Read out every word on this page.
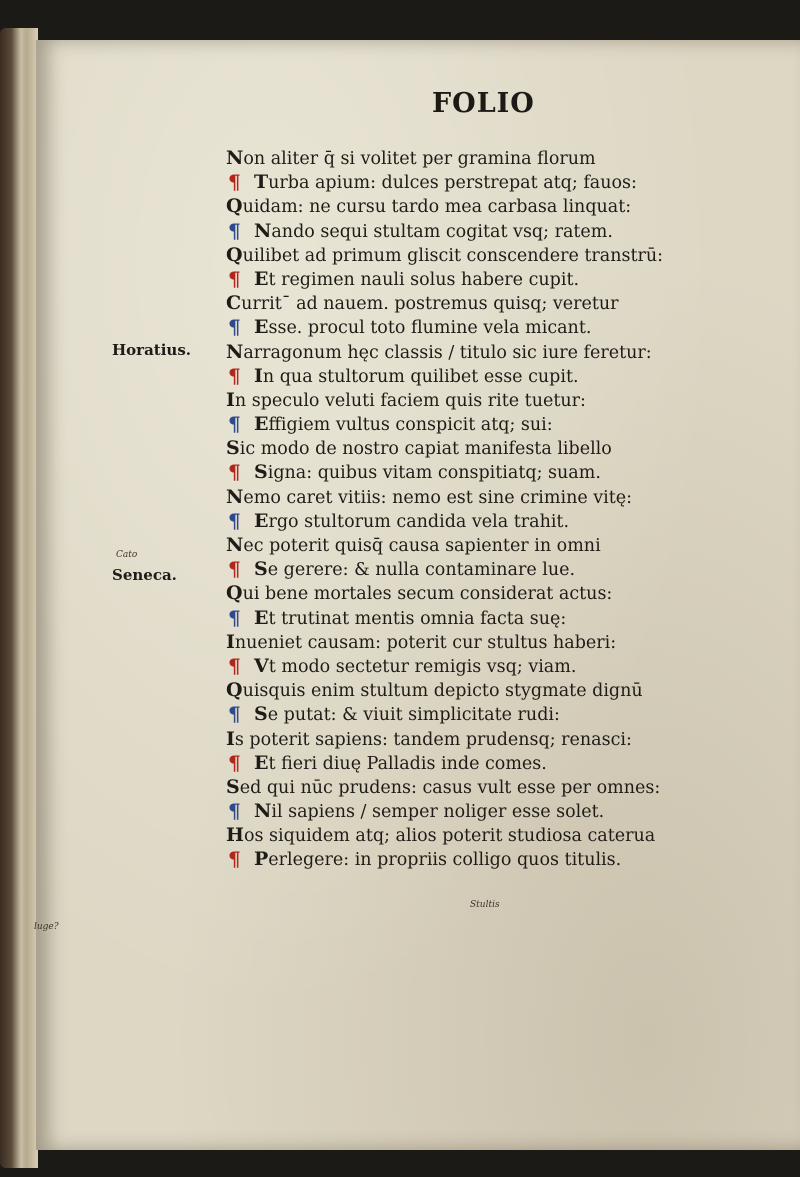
FOLIO
Horatius.
Seneca.
Cato
luge?
Stultis
Non aliter q̄ si volitet per gramina florum
¶ Turba apium: dulces perstrepat atq; fauos:
Quidam: ne cursu tardo mea carbasa linquat:
¶ Nando sequi stultam cogitat vsq; ratem.
Quilibet ad primum gliscit conscendere transtrū:
¶ Et regimen nauli solus habere cupit.
Curritˉ ad nauem. postremus quisq; veretur
¶ Esse. procul toto flumine vela micant.
Narragonum hęc classis / titulo sic iure feretur:
¶ In qua stultorum quilibet esse cupit.
In speculo veluti faciem quis rite tuetur:
¶ Effigiem vultus conspicit atq; sui:
Sic modo de nostro capiat manifesta libello
¶ Signa: quibus vitam conspitiatq; suam.
Nemo caret vitiis: nemo est sine crimine vitę:
¶ Ergo stultorum candida vela trahit.
Nec poterit quisq̄ causa sapienter in omni
¶ Se gerere: & nulla contaminare lue.
Qui bene mortales secum considerat actus:
¶ Et trutinat mentis omnia facta suę:
Inueniet causam: poterit cur stultus haberi:
¶ Vt modo sectetur remigis vsq; viam.
Quisquis enim stultum depicto stygmate dignū
¶ Se putat: & viuit simplicitate rudi:
Is poterit sapiens: tandem prudensq; renasci:
¶ Et fieri diuę Palladis inde comes.
Sed qui nūc prudens: casus vult esse per omnes:
¶ Nil sapiens / semper noliger esse solet.
Hos siquidem atq; alios poterit studiosa caterua
¶ Perlegere: in propriis colligo quos titulis.
